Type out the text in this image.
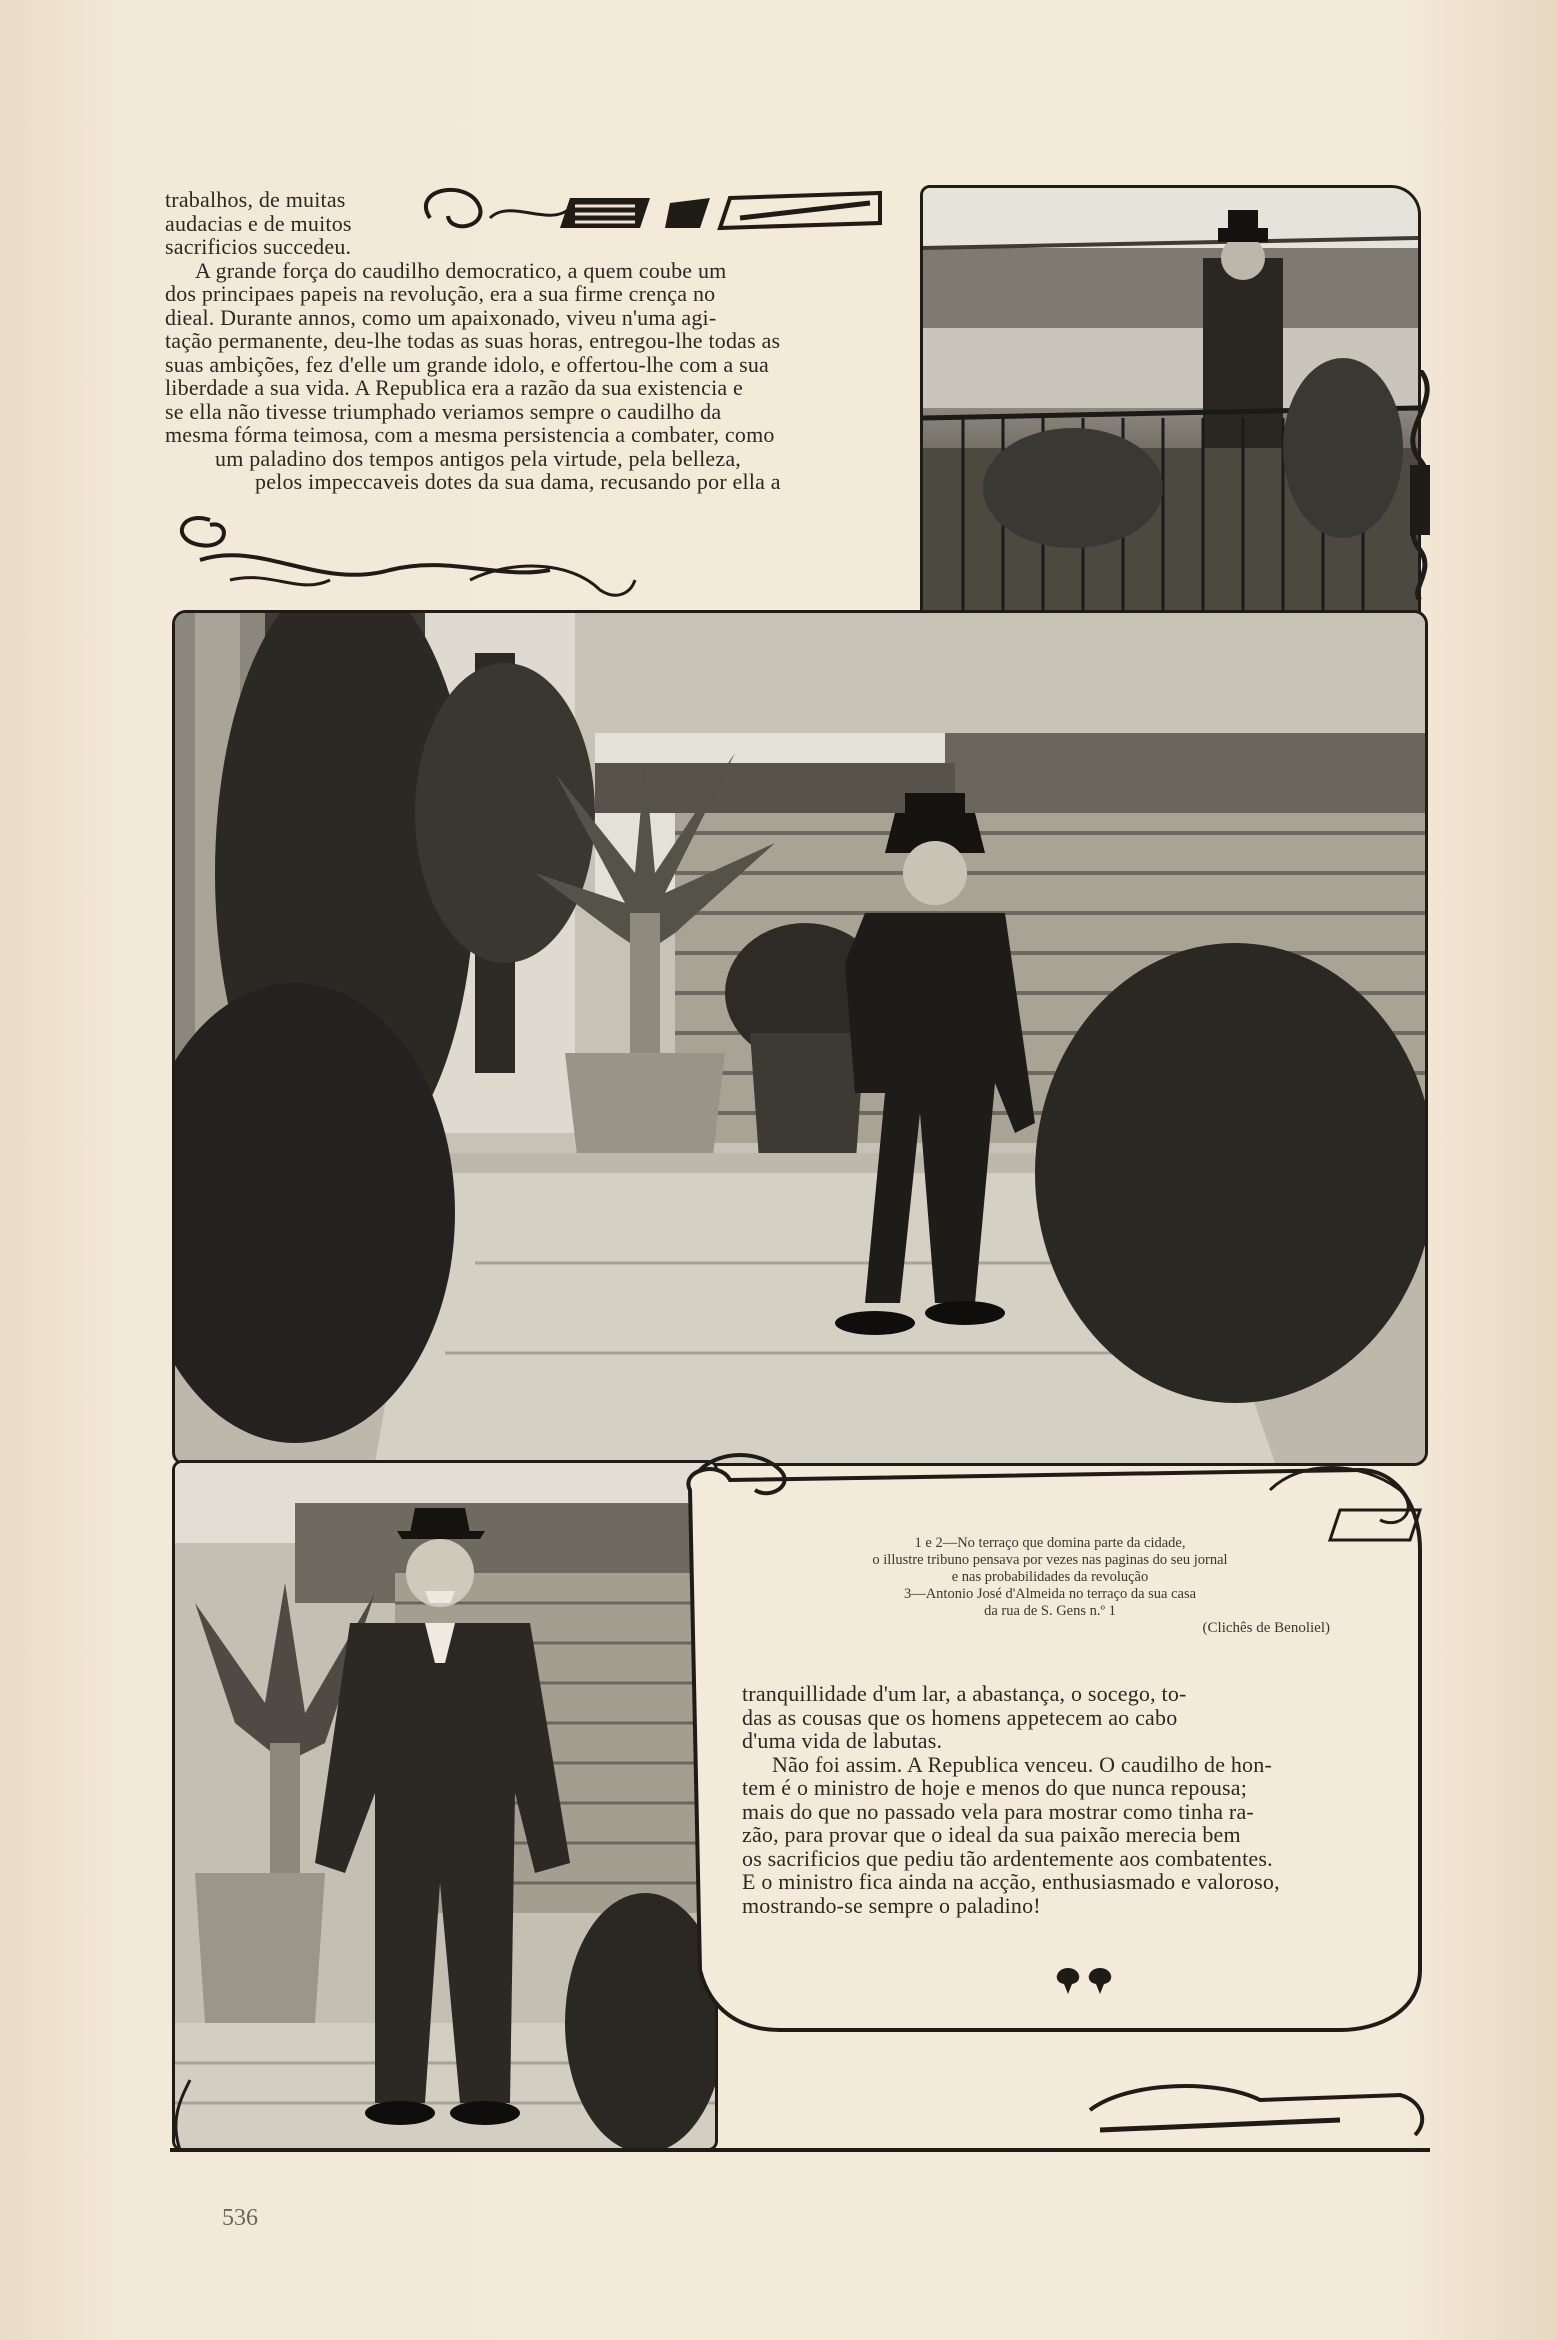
trabalhos, de muitas

audacias e de muitos

sacrificios succedeu.

A grande força do caudilho democratico, a quem coube um

dos principaes papeis na revolução, era a sua firme crença no

dieal. Durante annos, como um apaixonado, viveu n'uma agi-

tação permanente, deu-lhe todas as suas horas, entregou-lhe todas as

suas ambições, fez d'elle um grande idolo, e offertou-lhe com a sua

liberdade a sua vida. A Republica era a razão da sua existencia e

se ella não tivesse triumphado veriamos sempre o caudilho da

mesma fórma teimosa, com a mesma persistencia a combater, como

um paladino dos tempos antigos pela virtude, pela belleza,

pelos impeccaveis dotes da sua dama, recusando por ella a

1 e 2—No terraço que domina parte da cidade,
o illustre tribuno pensava por vezes nas paginas do seu jornal
e nas probabilidades da revolução
3—Antonio José d'Almeida no terraço da sua casa
da rua de S. Gens n.º 1
(Clichês de Benoliel)

tranquillidade d'um lar, a abastança, o socego, to-

das as cousas que os homens appetecem ao cabo

d'uma vida de labutas.

Não foi assim. A Republica venceu. O caudilho de hon-

tem é o ministro de hoje e menos do que nunca repousa;

mais do que no passado vela para mostrar como tinha ra-

zão, para provar que o ideal da sua paixão merecia bem

os sacrificios que pediu tão ardentemente aos combatentes.

E o ministro fica ainda na acção, enthusiasmado e valoroso,

mostrando-se sempre o paladino!

536
